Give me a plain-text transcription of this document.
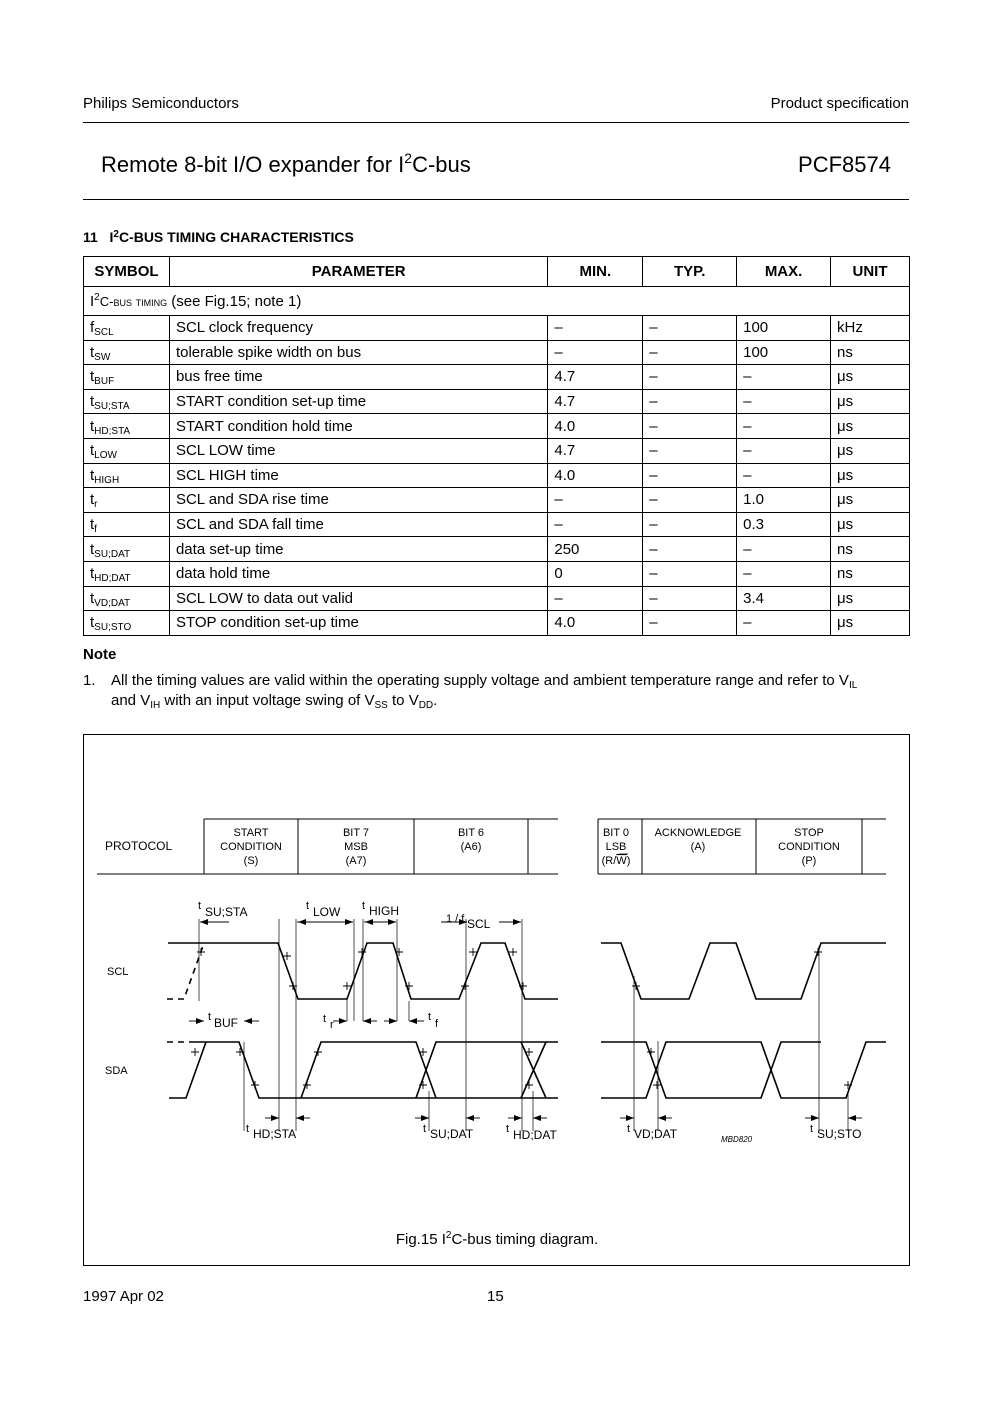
Philips Semiconductors	Product specification
Remote 8-bit I/O expander for $I^2C$-bus	PCF8574
11 $I^2C$-BUS TIMING CHARACTERISTICS
SYMBOL	PARAMETER	MIN.	TYP.	MAX.	UNIT
$I^2C$-bus timing (see Fig.15; note 1)					
$f_{SCL}$	SCL clock frequency	–	–	100	kHz
$t_{SW}$	tolerable spike width on bus	–	–	100	ns
$t_{BUF}$	bus free time	4.7	–	–	μs
$t_{SU;STA}$	START condition set-up time	4.7	–	–	μs
$t_{HD;STA}$	START condition hold time	4.0	–	–	μs
$t_{LOW}$	SCL LOW time	4.7	–	–	μs
$t_{HIGH}$	SCL HIGH time	4.0	–	–	μs
$t_r$	SCL and SDA rise time	–	–	1.0	μs
$t_f$	SCL and SDA fall time	–	–	0.3	μs
$t_{SU;DAT}$	data set-up time	250	–	–	ns
$t_{HD;DAT}$	data hold time	0	–	–	ns
$t_{VD;DAT}$	SCL LOW to data out valid	–	–	3.4	μs
$t_{SU;STO}$	STOP condition set-up time	4.0	–	–	μs
Note
1. All the timing values are valid within the operating supply voltage and ambient temperature range and refer to $V_{IL}$
and $V_{IH}$ with an input voltage swing of $V_{SS}$ to $V_{DD}$.
PROTOCOL
START
CONDITION
(S)
BIT 7
MSB
(A7)
BIT 6
(A6)
BIT 0
LSB
(R/W)
ACKNOWLEDGE
(A)
STOP
CONDITION
(P)
SCL
SDA
t SU;STA	t LOW t HIGH
1 / f SCL
t BUF	t r
t
f
t HD;STA	t SU;DAT	t HD;DAT	t VD;DAT	MBD820
t SU;STO
Fig.15 $I^2C$-bus timing diagram.
1997 Apr 02	15
